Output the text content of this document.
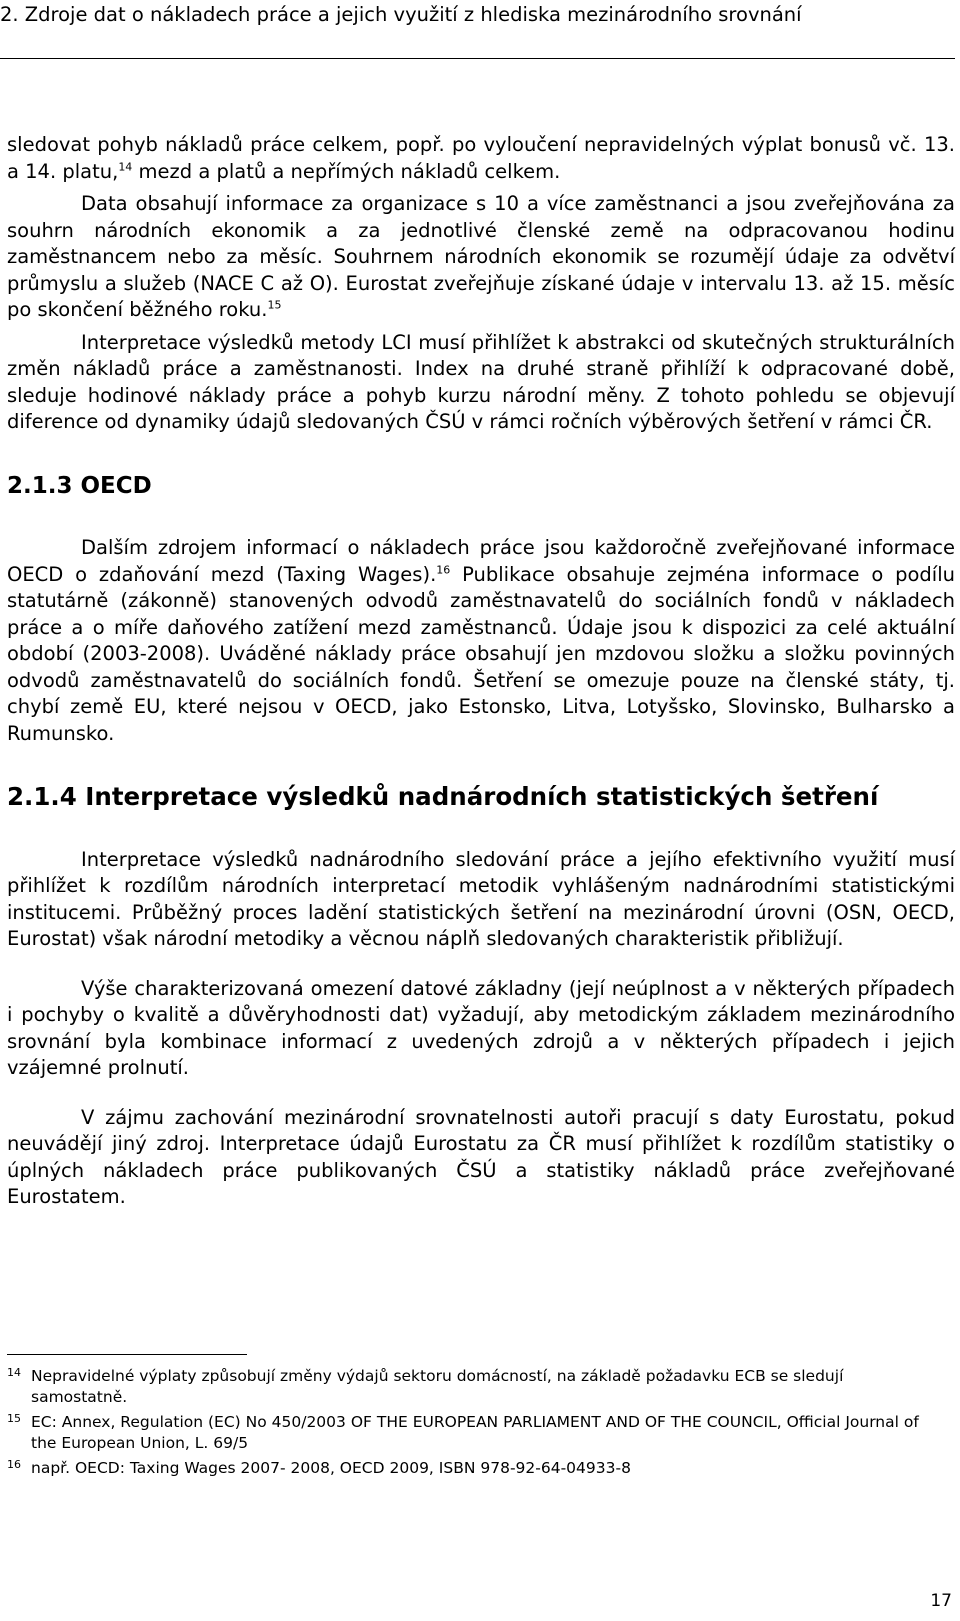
2. Zdroje dat o nákladech práce a jejich využití z hlediska mezinárodního srovnání

sledovat pohyb nákladů práce celkem, popř. po vyloučení nepravidelných výplat bonusů vč. 13. a 14. platu,$^{14}$ mezd a platů a nepřímých nákladů celkem.

Data obsahují informace za organizace s 10 a více zaměstnanci a jsou zveřejňována za souhrn národních ekonomik a za jednotlivé členské země na odpracovanou hodinu zaměstnancem nebo za měsíc. Souhrnem národních ekonomik se rozumějí údaje za odvětví průmyslu a služeb (NACE C až O). Eurostat zveřejňuje získané údaje v intervalu 13. až 15. měsíc po skončení běžného roku.$^{15}$

Interpretace výsledků metody LCI musí přihlížet k abstrakci od skutečných strukturálních změn nákladů práce a zaměstnanosti. Index na druhé straně přihlíží k odpracované době, sleduje hodinové náklady práce a pohyb kurzu národní měny. Z tohoto pohledu se objevují diference od dynamiky údajů sledovaných ČSÚ v rámci ročních výběrových šetření v rámci ČR.

2.1.3 OECD

Dalším zdrojem informací o nákladech práce jsou každoročně zveřejňované informace OECD o zdaňování mezd (Taxing Wages).$^{16}$ Publikace obsahuje zejména informace o podílu statutárně (zákonně) stanovených odvodů zaměstnavatelů do sociálních fondů v nákladech práce a o míře daňového zatížení mezd zaměstnanců. Údaje jsou k dispozici za celé aktuální období (2003-2008). Uváděné náklady práce obsahují jen mzdovou složku a složku povinných odvodů zaměstnavatelů do sociálních fondů. Šetření se omezuje pouze na členské státy, tj. chybí země EU, které nejsou v OECD, jako Estonsko, Litva, Lotyšsko, Slovinsko, Bulharsko a Rumunsko.

2.1.4 Interpretace výsledků nadnárodních statistických šetření

Interpretace výsledků nadnárodního sledování práce a jejího efektivního využití musí přihlížet k rozdílům národních interpretací metodik vyhlášeným nadnárodními statistickými institucemi. Průběžný proces ladění statistických šetření na mezinárodní úrovni (OSN, OECD, Eurostat) však národní metodiky a věcnou náplň sledovaných charakteristik přibližují.

Výše charakterizovaná omezení datové základny (její neúplnost a v některých případech i pochyby o kvalitě a důvěryhodnosti dat) vyžadují, aby metodickým základem mezinárodního srovnání byla kombinace informací z uvedených zdrojů a v některých případech i jejich vzájemné prolnutí.

V zájmu zachování mezinárodní srovnatelnosti autoři pracují s daty Eurostatu, pokud neuvádějí jiný zdroj. Interpretace údajů Eurostatu za ČR musí přihlížet k rozdílům statistiky o úplných nákladech práce publikovaných ČSÚ a statistiky nákladů práce zveřejňované Eurostatem.

14 Nepravidelné výplaty způsobují změny výdajů sektoru domácností, na základě požadavku ECB se sledují samostatně.
15 EC: Annex, Regulation (EC) No 450/2003 OF THE EUROPEAN PARLIAMENT AND OF THE COUNCIL, Official Journal of the European Union, L. 69/5
16 např. OECD: Taxing Wages 2007- 2008, OECD 2009, ISBN 978-92-64-04933-8
17
